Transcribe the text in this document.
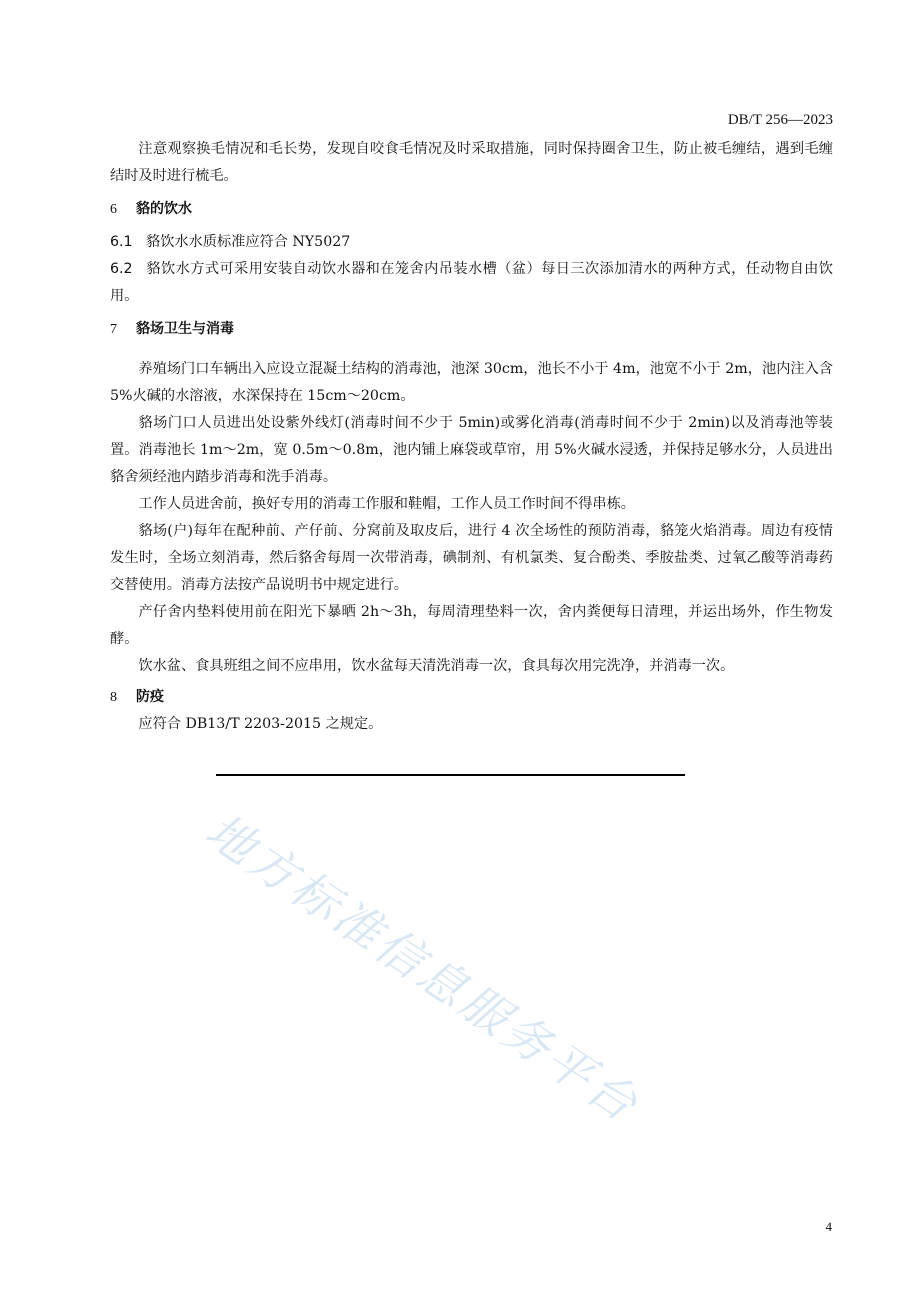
DB/T 256—2023

注意观察换毛情况和毛长势，发现自咬食毛情况及时采取措施，同时保持圈舍卫生，防止被毛缠结，遇到毛缠结时及时进行梳毛。

6 貉的饮水

6.1 貉饮水水质标准应符合 NY5027

6.2 貉饮水方式可采用安装自动饮水器和在笼舍内吊装水槽（盆）每日三次添加清水的两种方式，任动物自由饮用。

7 貉场卫生与消毒

养殖场门口车辆出入应设立混凝土结构的消毒池，池深 30cm，池长不小于 4m，池宽不小于 2m，池内注入含 5%火碱的水溶液，水深保持在 15cm～20cm。

貉场门口人员进出处设紫外线灯(消毒时间不少于 5min)或雾化消毒(消毒时间不少于 2min)以及消毒池等装置。消毒池长 1m～2m，宽 0.5m～0.8m，池内铺上麻袋或草帘，用 5%火碱水浸透，并保持足够水分，人员进出貉舍须经池内踏步消毒和洗手消毒。

工作人员进舍前，换好专用的消毒工作服和鞋帽，工作人员工作时间不得串栋。

貉场(户)每年在配种前、产仔前、分窝前及取皮后，进行 4 次全场性的预防消毒，貉笼火焰消毒。周边有疫情发生时，全场立刻消毒，然后貉舍每周一次带消毒，碘制剂、有机氯类、复合酚类、季胺盐类、过氧乙酸等消毒药交替使用。消毒方法按产品说明书中规定进行。

产仔舍内垫料使用前在阳光下暴晒 2h～3h，每周清理垫料一次，舍内粪便每日清理，并运出场外，作生物发酵。

饮水盆、食具班组之间不应串用，饮水盆每天清洗消毒一次，食具每次用完洗净，并消毒一次。

8 防疫

应符合 DB13/T 2203-2015 之规定。

地方标准信息服务平台
4
